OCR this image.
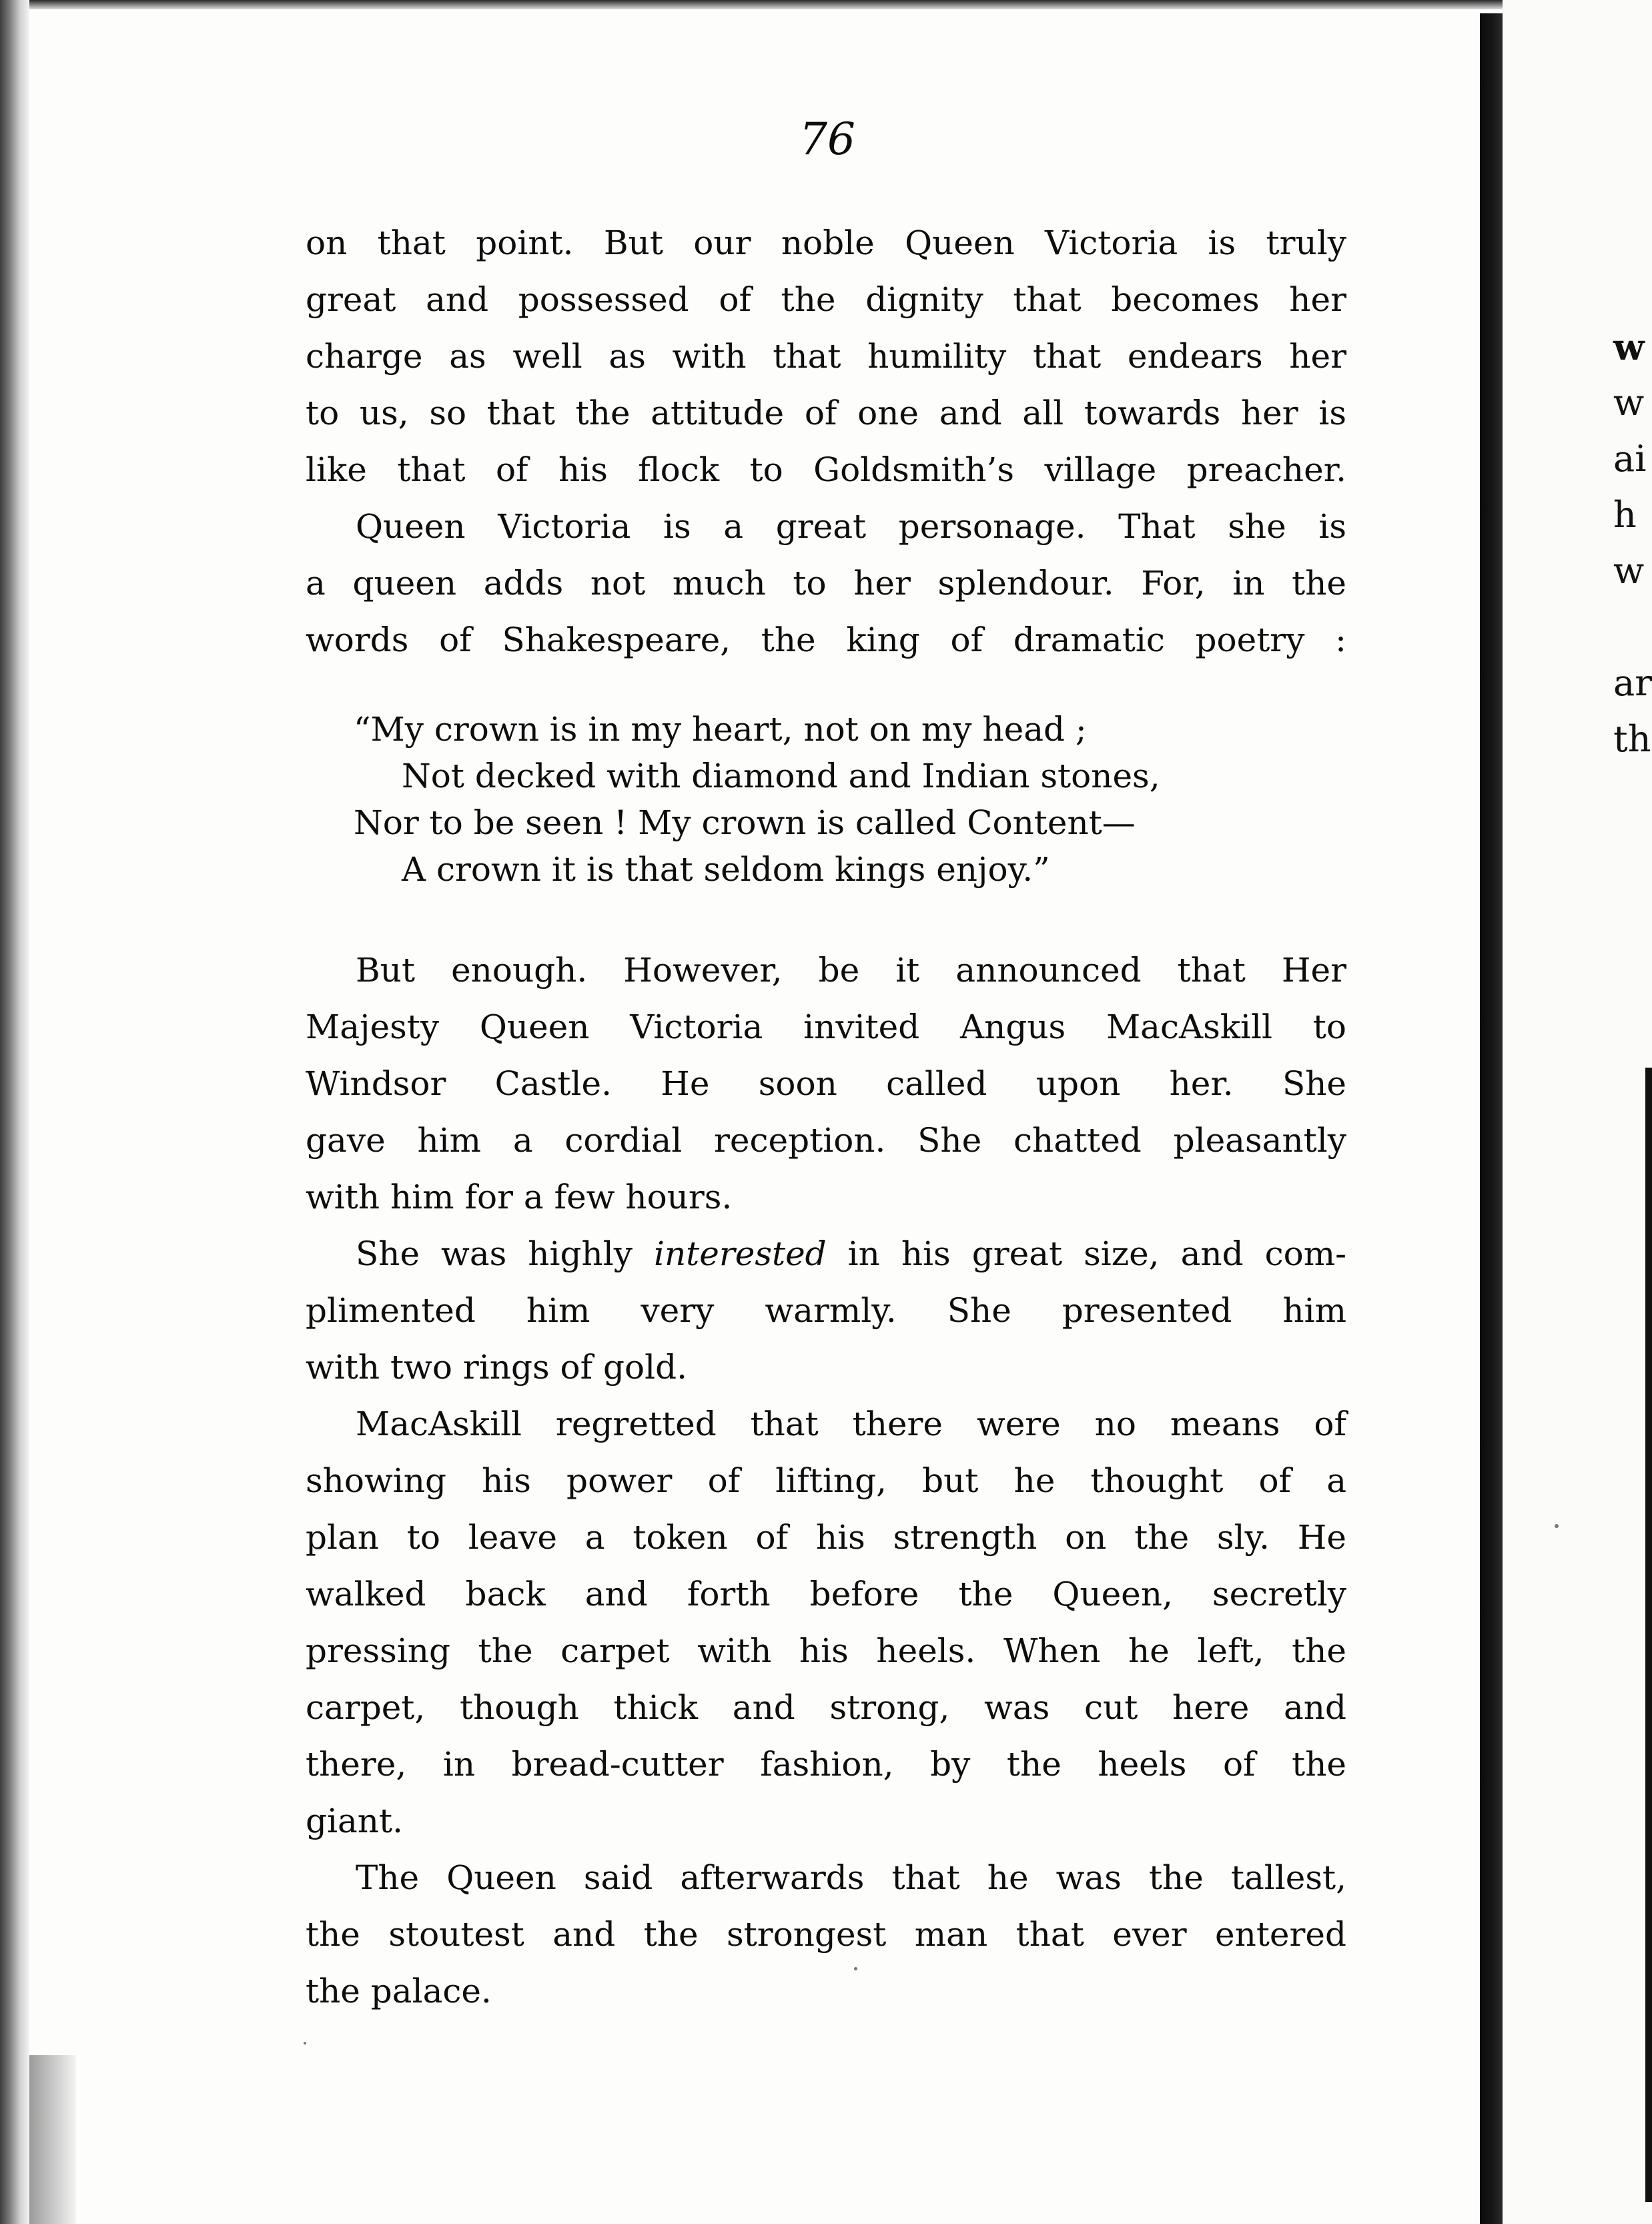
w
w
ai
h
w
ar
th
76
on that point. But our noble Queen Victoria is truly
great and possessed of the dignity that becomes her
charge as well as with that humility that endears her
to us, so that the attitude of one and all towards her is
like that of his flock to Goldsmith’s village preacher.
Queen Victoria is a great personage. That she is
a queen adds not much to her splendour. For, in the
words of Shakespeare, the king of dramatic poetry :
“My crown is in my heart, not on my head ;
Not decked with diamond and Indian stones,
Nor to be seen ! My crown is called Content—
A crown it is that seldom kings enjoy.”
But enough. However, be it announced that Her
Majesty Queen Victoria invited Angus MacAskill to
Windsor Castle. He soon called upon her. She
gave him a cordial reception. She chatted pleasantly
with him for a few hours.
She was highly interested in his great size, and com-
plimented him very warmly. She presented him
with two rings of gold.
MacAskill regretted that there were no means of
showing his power of lifting, but he thought of a
plan to leave a token of his strength on the sly. He
walked back and forth before the Queen, secretly
pressing the carpet with his heels. When he left, the
carpet, though thick and strong, was cut here and
there, in bread-cutter fashion, by the heels of the
giant.
The Queen said afterwards that he was the tallest,
the stoutest and the strongest man that ever entered
the palace.
